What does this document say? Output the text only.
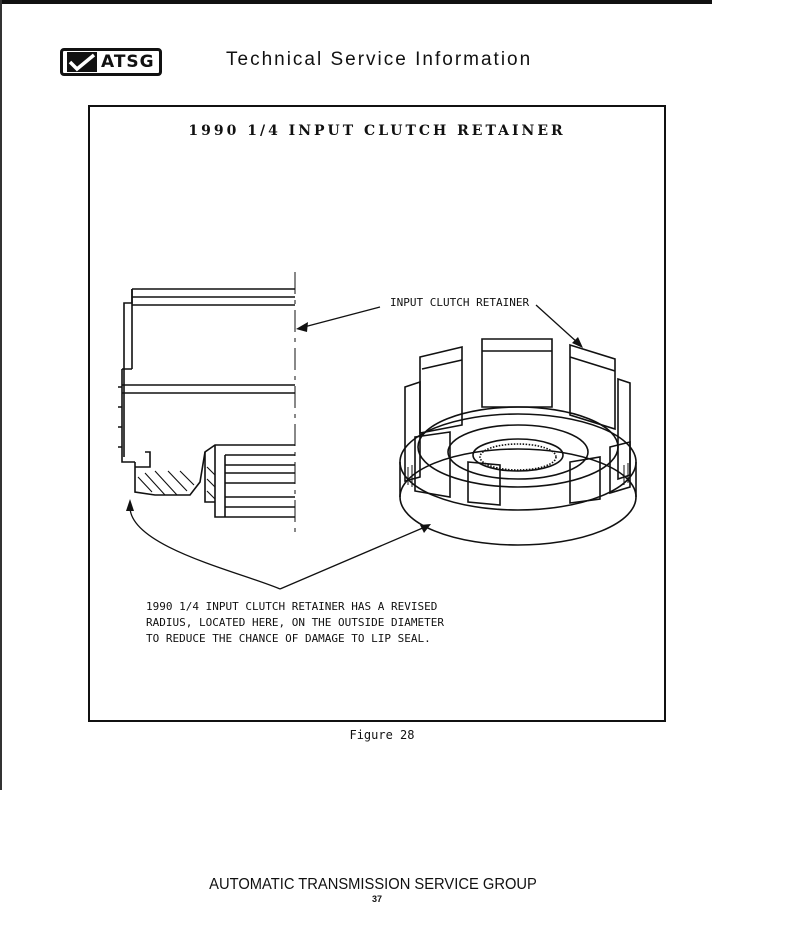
ATSG	Technical Service Information
1990 1/4 INPUT CLUTCH RETAINER
INPUT CLUTCH RETAINER
1990 1/4 INPUT CLUTCH RETAINER HAS A REVISED
RADIUS, LOCATED HERE, ON THE OUTSIDE DIAMETER
TO REDUCE THE CHANCE OF DAMAGE TO LIP SEAL.
Figure 28
AUTOMATIC TRANSMISSION SERVICE GROUP
37
